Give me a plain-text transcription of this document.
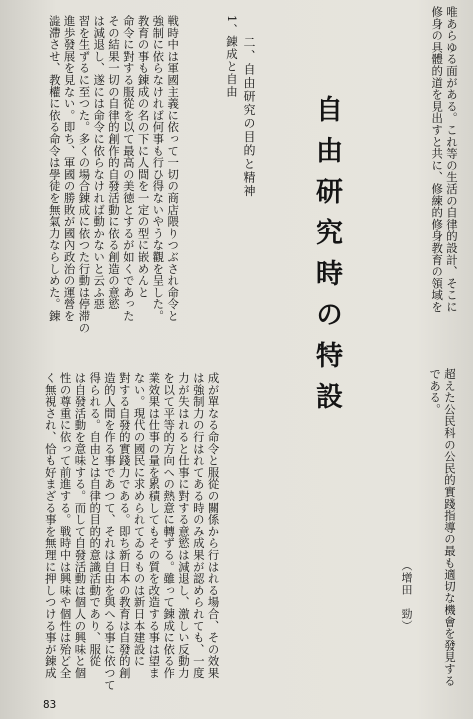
唯あらゆる面がある。これ等の生活の自律的設計、そこに
修身の具體的道を見出すと共に、修練的修身教育の領域を
自由研究時の特設
二、自由研究の目的と精神
1、錬成と自由
戦時中は軍國主義に依って一切の商店隈りつぶされ命令と
強制に依らなければ何事も行ひ得ないやうな觀を呈した。
教育の事も錬成の名の下に人間を一定の型に嵌めんと
命令に對する服從を以て最高の美徳とするが如くであった
その結果一切の自律的創作的自發活動に依る創造の意慾
は減退し、遂には命令に依らなければ動かないと云ふ惡
習を生ずるに至つた。多くの場合錬成に依つた行動は停滞の
進歩發展を見ない。即ち、軍國の勝敗が國內政治の運營を
澁滯させ、教權に依る命令は學徒を無氣力ならしめた。錬
超えた公民科の公民的實踐指導の最も適切な機會を發見する
である。
（增田　勁）
成が單なる命令と服從の關係から行はれる場合、その效果
は強制力の行はれてある時のみ成果が認められても、一度
力が失はれると仕事に對する意慾は減退し、激しい反動力
を以て平等的方向への熱意に轉ずる。雖って錬成に依る作
業效果は仕事の量を累積してもその質を改造する事は望ま
ない。現代の國民に求められてゐるものは新日本建設に
對する自發的實踐力である。即ち新日本の教育は自發的創
造的人間を作る事であつて、それは自由を與へる事に依つて
得られる。自由とは自律的目的的意識活動であり、服從
は自發活動を意味する。而して自發活動は個人の興味と個
性の尊重に依って前進する。戦時中は興味や個性は殆ど全
く無視され、恰も好まざる事を無理に押しつける事が錬成
83
